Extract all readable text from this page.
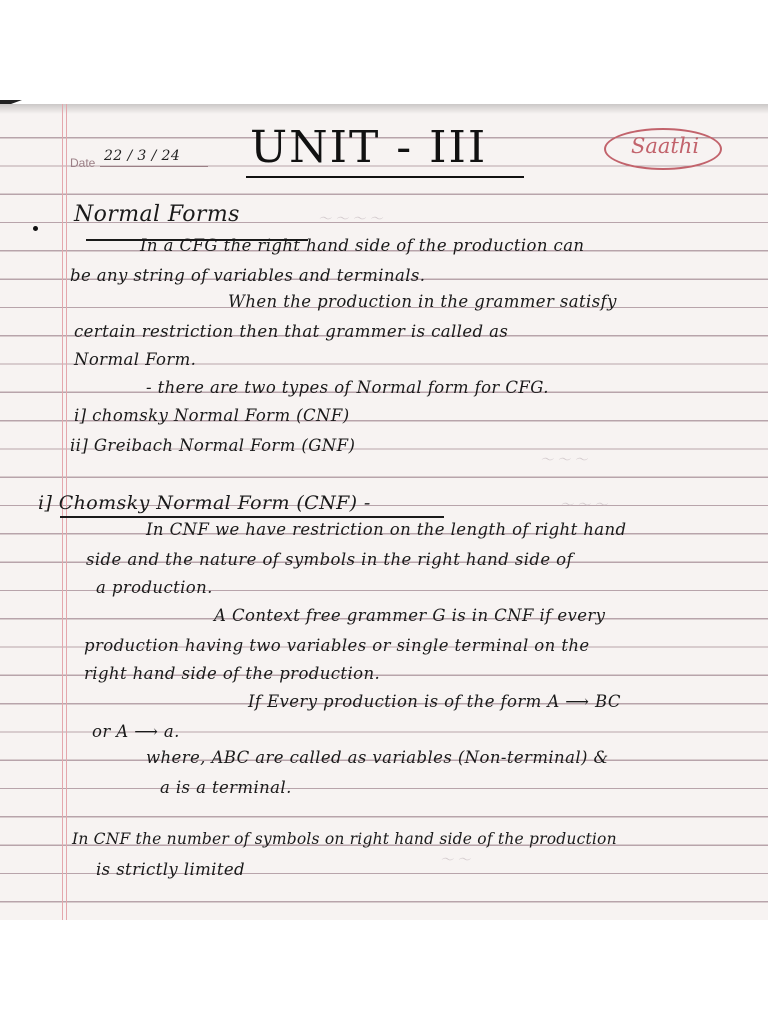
〜 〜 〜 〜
〜 〜 〜
〜 〜 〜
〜 〜
Date 22 / 3 / 24 UNIT - III	Saathi
Normal Forms
In a CFG the right hand side of the production can
be any string of variables and terminals.
When the production in the grammer satisfy
certain restriction then that grammer is called as
Normal Form.
- there are two types of Normal form for CFG.
i] chomsky Normal Form (CNF)
ii] Greibach Normal Form (GNF)
i] Chomsky Normal Form (CNF) -
In CNF we have restriction on the length of right hand
side and the nature of symbols in the right hand side of
a production.
A Context free grammer G is in CNF if every
production having two variables or single terminal on the
right hand side of the production.
If Every production is of the form A ⟶ BC
or A ⟶ a.
where, ABC are called as variables (Non-terminal) &
a is a terminal.
In CNF the number of symbols on right hand side of the production
is strictly limited
